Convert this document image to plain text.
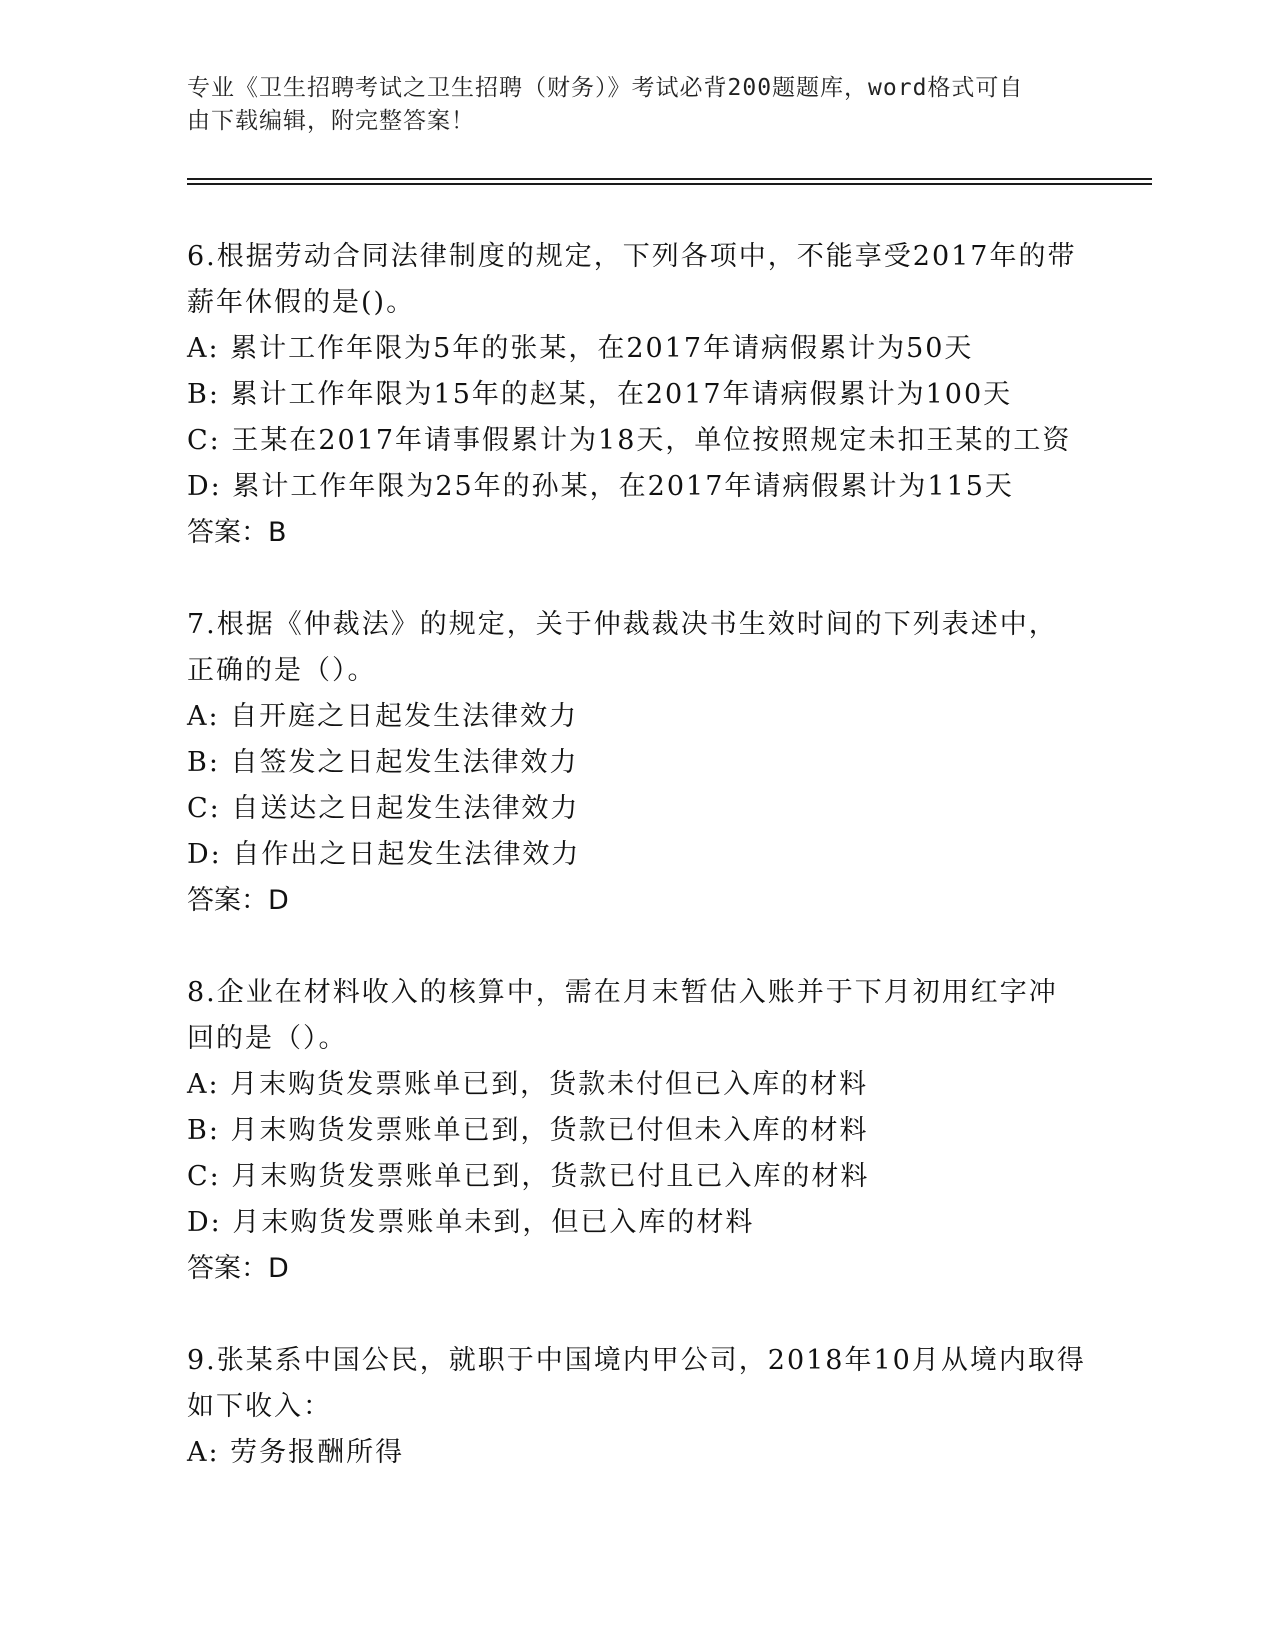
专业《卫生招聘考试之卫生招聘（财务）》考试必背200题题库，word格式可自
由下载编辑，附完整答案！
6.根据劳动合同法律制度的规定，下列各项中，不能享受2017年的带
薪年休假的是()。
A: 累计工作年限为5年的张某，在2017年请病假累计为50天
B: 累计工作年限为15年的赵某，在2017年请病假累计为100天
C: 王某在2017年请事假累计为18天，单位按照规定未扣王某的工资
D: 累计工作年限为25年的孙某，在2017年请病假累计为115天
答案：B
7.根据《仲裁法》的规定，关于仲裁裁决书生效时间的下列表述中，
正确的是（）。
A: 自开庭之日起发生法律效力
B: 自签发之日起发生法律效力
C: 自送达之日起发生法律效力
D: 自作出之日起发生法律效力
答案：D
8.企业在材料收入的核算中，需在月末暂估入账并于下月初用红字冲
回的是（）。
A: 月末购货发票账单已到，货款未付但已入库的材料
B: 月末购货发票账单已到，货款已付但未入库的材料
C: 月末购货发票账单已到，货款已付且已入库的材料
D: 月末购货发票账单未到，但已入库的材料
答案：D
9.张某系中国公民，就职于中国境内甲公司，2018年10月从境内取得
如下收入：
A: 劳务报酬所得
